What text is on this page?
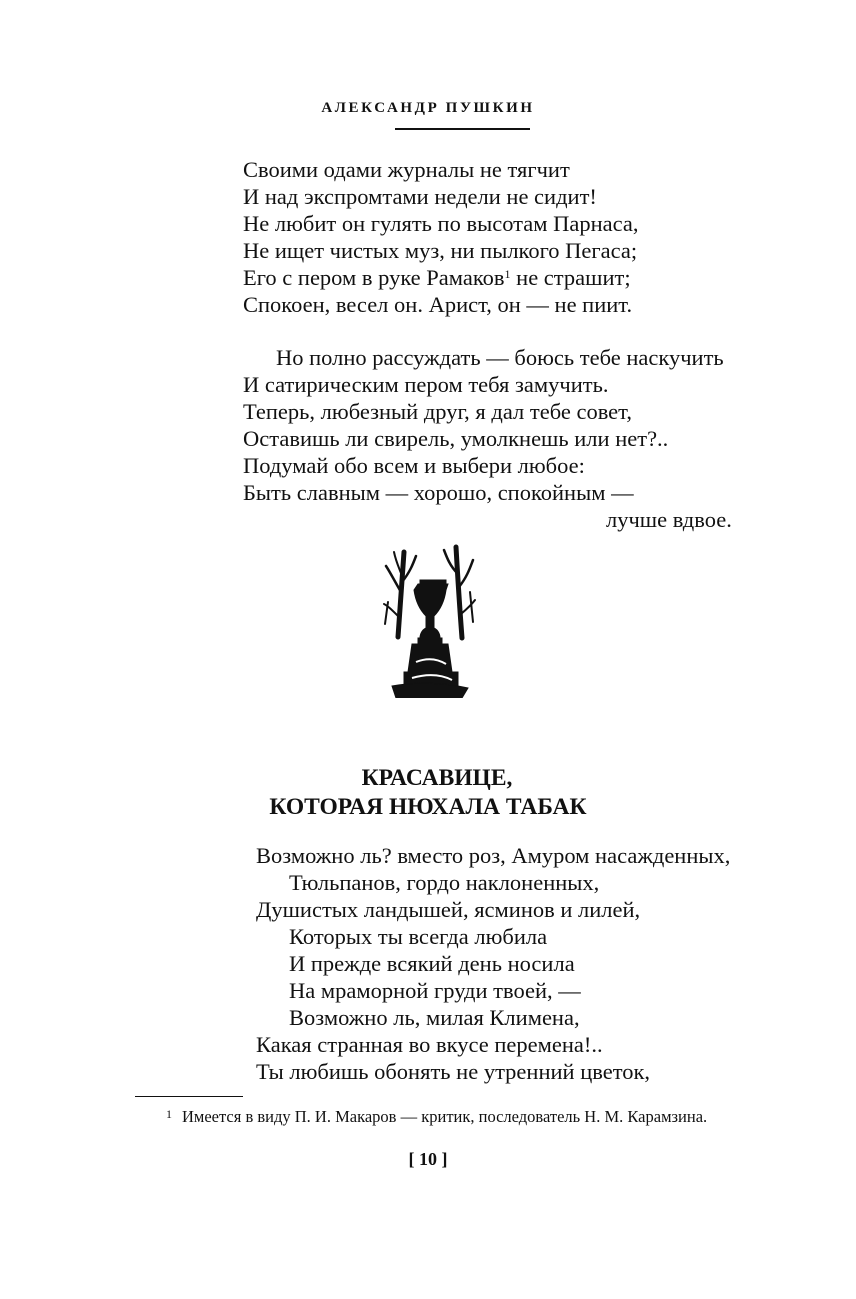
АЛЕКСАНДР ПУШКИН
Своими одами журналы не тягчит
И над экспромтами недели не сидит!
Не любит он гулять по высотам Парнаса,
Не ищет чистых муз, ни пылкого Пегаса;
Его с пером в руке Рамаков$^1$ не страшит;
Спокоен, весел он. Арист, он — не пиит.
Но полно рассуждать — боюсь тебе наскучить
И сатирическим пером тебя замучить.
Теперь, любезный друг, я дал тебе совет,
Оставишь ли свирель, умолкнешь или нет?..
Подумай обо всем и выбери любое:
Быть славным — хорошо, спокойным —
лучше вдвое.
КРАСАВИЦЕ,
КОТОРАЯ НЮХАЛА ТАБАК
Возможно ль? вместо роз, Амуром насажденных,
Тюльпанов, гордо наклоненных,
Душистых ландышей, ясминов и лилей,
Которых ты всегда любила
И прежде всякий день носила
На мраморной груди твоей, —
Возможно ль, милая Климена,
Какая странная во вкусе перемена!..
Ты любишь обонять не утренний цветок,
$^1$ Имеется в виду П. И. Макаров — критик, последователь Н. М. Карамзина.
[ 10 ]
